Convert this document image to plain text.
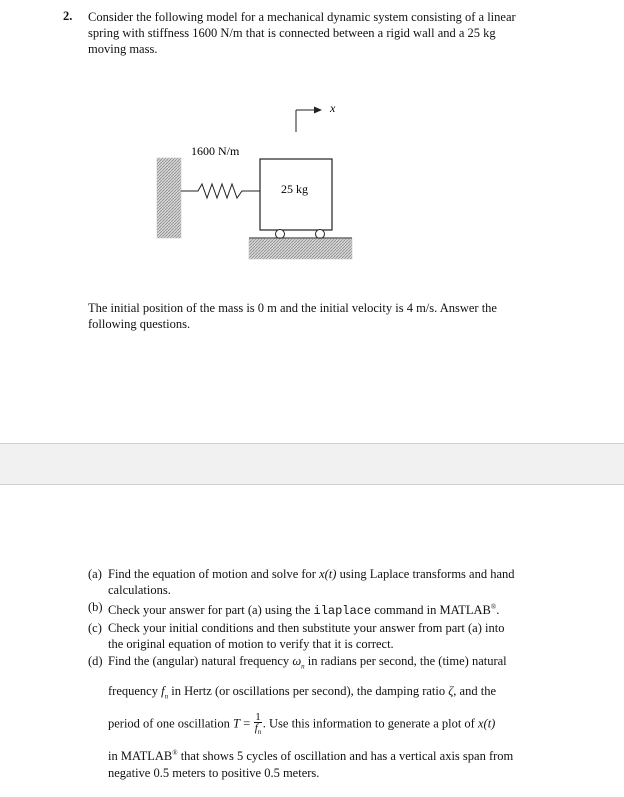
2. Consider the following model for a mechanical dynamic system consisting of a linear
spring with stiffness 1600 N/m that is connected between a rigid wall and a 25 kg
moving mass.
x
1600 N/m
25 kg
The initial position of the mass is 0 m and the initial velocity is 4 m/s. Answer the
following questions.
(a) Find the equation of motion and solve for x(t) using Laplace transforms and hand
calculations.
(b) Check your answer for part (a) using the ilaplace command in MATLAB®.
(c) Check your initial conditions and then substitute your answer from part (a) into
the original equation of motion to verify that it is correct.
(d) Find the (angular) natural frequency $\omega_n$ in radians per second, the (time) natural
frequency $f_n$ in Hertz (or oscillations per second), the damping ratio ζ, and the
period of one oscillation $T = \frac{1}{f_n}$ . Use this information to generate a plot of x(t)
in MATLAB® that shows 5 cycles of oscillation and has a vertical axis span from
negative 0.5 meters to positive 0.5 meters.
